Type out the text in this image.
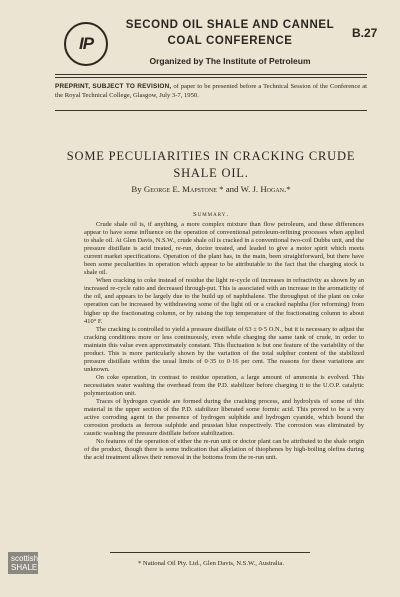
IP
SECOND OIL SHALE AND CANNEL
COAL CONFERENCE
B.27
Organized by The Institute of Petroleum
PREPRINT, SUBJECT TO REVISION, of paper to be presented before a Technical Session of the Conference at the Royal Technical College, Glasgow, July 3-7, 1950.
SOME PECULIARITIES IN CRACKING CRUDE SHALE OIL.
By George E. Mapstone * and W. J. Hogan.*
Summary.

Crude shale oil is, if anything, a more complex mixture than flow petroleum, and these differences appear to have some influence on the operation of conventional petroleum-refining processes when applied to shale oil. At Glen Davis, N.S.W., crude shale oil is cracked in a conventional two-coil Dubbs unit, and the pressure distillate is acid treated, re-run, doctor treated, and leaded to give a motor spirit which meets current market specifications. Operation of the plant has, in the main, been straightforward, but there have been some peculiarities in operation which appear to be attributable to the fact that the charging stock is shale oil.

When cracking to coke instead of residue the light re-cycle oil increases in refractivity as shown by an increased re-cycle ratio and decreased through-put. This is associated with an increase in the aromaticity of the oil, and appears to be largely due to the build up of naphthalene. The throughput of the plant on coke operation can be increased by withdrawing some of the light oil or a cracked naphtha (for reforming) from higher up the fractionating column, or by raising the top temperature of the fractionating column to about 410° F.

The cracking is controlled to yield a pressure distillate of 63 ± 0·5 O.N., but it is necessary to adjust the cracking conditions more or less continuously, even while charging the same tank of crude, in order to maintain this value even approximately constant. This fluctuation is but one feature of the variability of the product. This is more particularly shown by the variation of the total sulphur content of the stabilized pressure distillate within the usual limits of 0·35 to 0·16 per cent. The reasons for these variations are unknown.

On coke operation, in contrast to residue operation, a large amount of ammonia is evolved. This necessitates water washing the overhead from the P.D. stabilizer before charging it to the U.O.P. catalytic polymerization unit.

Traces of hydrogen cyanide are formed during the cracking process, and hydrolysis of some of this material in the upper section of the P.D. stabilizer liberated some formic acid. This proved to be a very active corroding agent in the presence of hydrogen sulphide and hydrogen cyanide, which bound the corrosion products as ferrous sulphide and prussian blue respectively. The corrosion was eliminated by caustic washing the pressure distillate before stabilization.

No features of the operation of either the re-run unit or doctor plant can be attributed to the shale origin of the product, though there is some indication that alkylation of thiophenes by high-boiling olefins during the acid treatment allows their removal in the bottoms from the re-run unit.

* National Oil Pty. Ltd., Glen Davis, N.S.W., Australia.
scottish
SHALE
